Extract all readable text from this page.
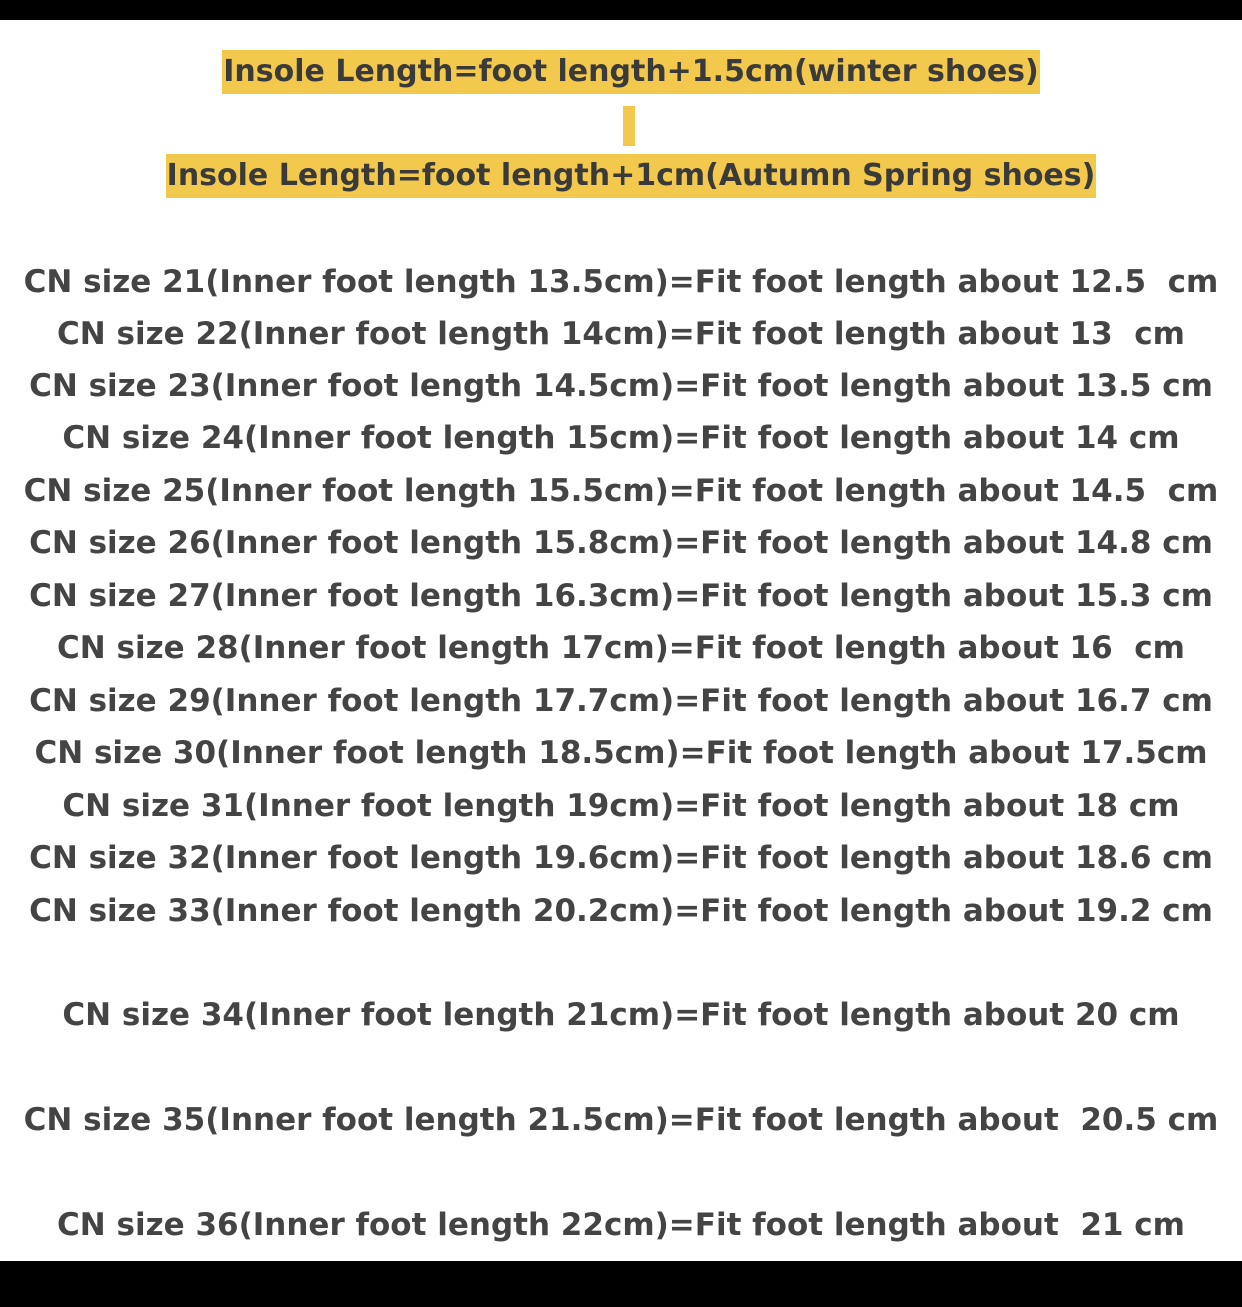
Insole Length=foot length+1.5cm(winter shoes)
Insole Length=foot length+1cm(Autumn Spring shoes)
CN size 21(Inner foot length 13.5cm)=Fit foot length about 12.5  cm
CN size 22(Inner foot length 14cm)=Fit foot length about 13  cm
CN size 23(Inner foot length 14.5cm)=Fit foot length about 13.5 cm
CN size 24(Inner foot length 15cm)=Fit foot length about 14 cm
CN size 25(Inner foot length 15.5cm)=Fit foot length about 14.5  cm
CN size 26(Inner foot length 15.8cm)=Fit foot length about 14.8 cm
CN size 27(Inner foot length 16.3cm)=Fit foot length about 15.3 cm
CN size 28(Inner foot length 17cm)=Fit foot length about 16  cm
CN size 29(Inner foot length 17.7cm)=Fit foot length about 16.7 cm
CN size 30(Inner foot length 18.5cm)=Fit foot length about 17.5cm
CN size 31(Inner foot length 19cm)=Fit foot length about 18 cm
CN size 32(Inner foot length 19.6cm)=Fit foot length about 18.6 cm
CN size 33(Inner foot length 20.2cm)=Fit foot length about 19.2 cm
CN size 34(Inner foot length 21cm)=Fit foot length about 20 cm
CN size 35(Inner foot length 21.5cm)=Fit foot length about  20.5 cm
CN size 36(Inner foot length 22cm)=Fit foot length about  21 cm
